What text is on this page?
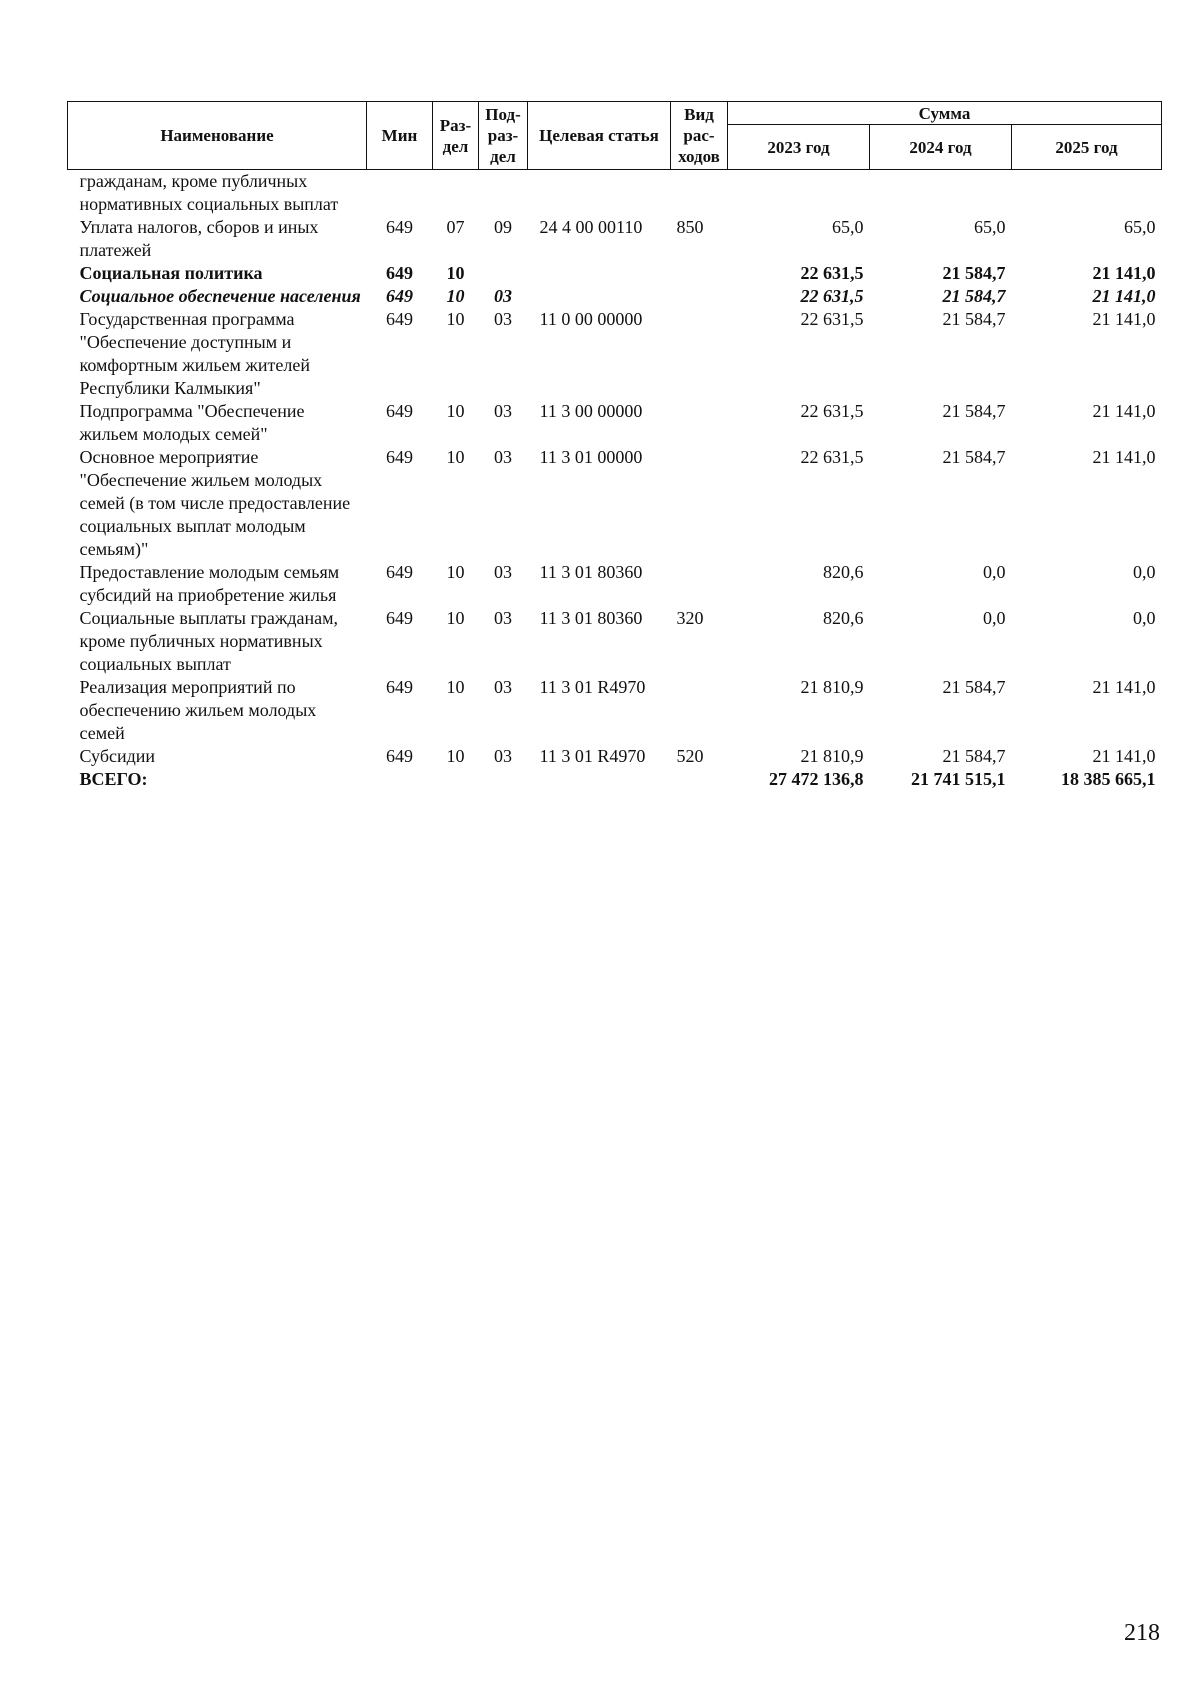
Наименование	Мин	Раз-дел	Под-раз-дел	Целевая статья	Вид рас-ходов	Сумма		
						2023 год	2024 год	2025 год
гражданам, кроме публичных нормативных социальных выплат								
Уплата налогов, сборов и иных платежей	649	07	09	24 4 00 00110	850	65,0	65,0	65,0
Социальная политика	649	10				22 631,5	21 584,7	21 141,0
Социальное обеспечение населения	649	10	03			22 631,5	21 584,7	21 141,0
Государственная программа "Обеспечение доступным и комфортным жильем жителей Республики Калмыкия"	649	10	03	11 0 00 00000		22 631,5	21 584,7	21 141,0
Подпрограмма "Обеспечение жильем молодых семей"	649	10	03	11 3 00 00000		22 631,5	21 584,7	21 141,0
Основное мероприятие "Обеспечение жильем молодых семей (в том числе предоставление социальных выплат молодым семьям)"	649	10	03	11 3 01 00000		22 631,5	21 584,7	21 141,0
Предоставление молодым семьям субсидий на приобретение жилья	649	10	03	11 3 01 80360		820,6	0,0	0,0
Социальные выплаты гражданам, кроме публичных нормативных социальных выплат	649	10	03	11 3 01 80360	320	820,6	0,0	0,0
Реализация мероприятий по обеспечению жильем молодых семей	649	10	03	11 3 01 R4970		21 810,9	21 584,7	21 141,0
Субсидии	649	10	03	11 3 01 R4970	520	21 810,9	21 584,7	21 141,0
ВСЕГО:						27 472 136,8	21 741 515,1	18 385 665,1
218
